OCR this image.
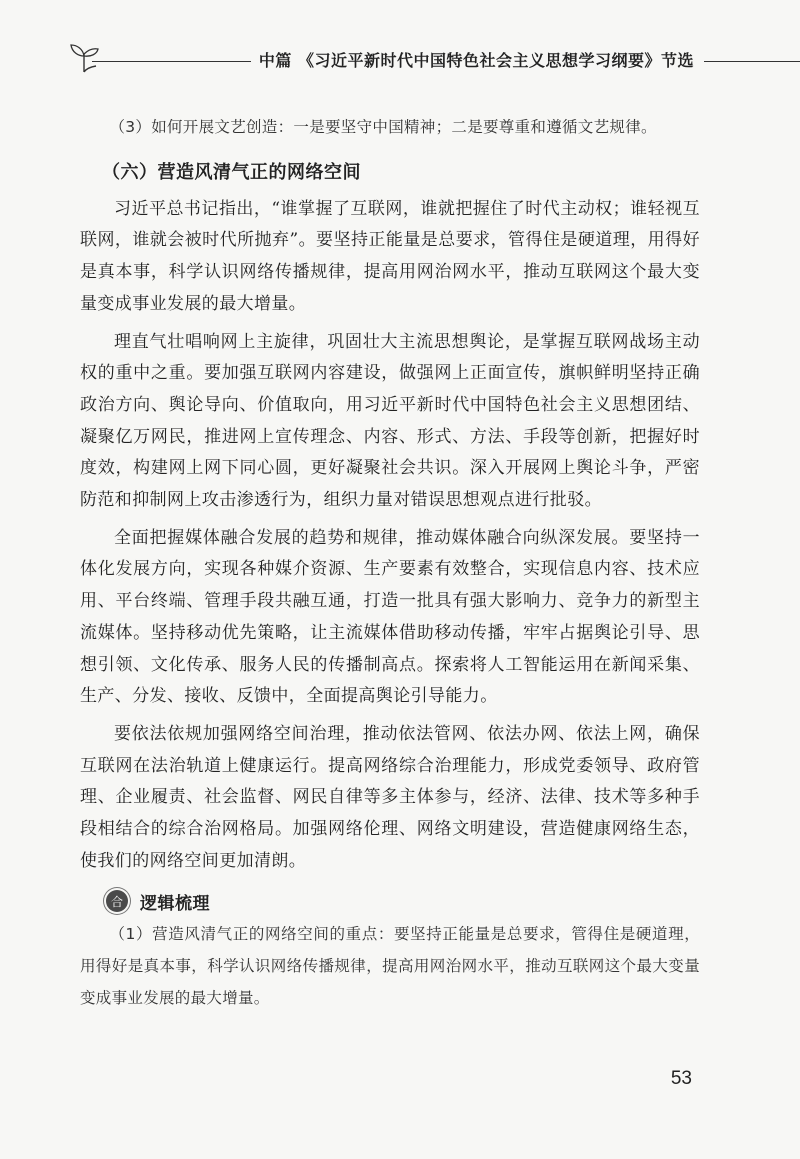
中篇 《习近平新时代中国特色社会主义思想学习纲要》节选

（3）如何开展文艺创造：一是要坚守中国精神；二是要尊重和遵循文艺规律。

（六）营造风清气正的网络空间

习近平总书记指出，“谁掌握了互联网，谁就把握住了时代主动权；谁轻视互联网，谁就会被时代所抛弃”。要坚持正能量是总要求，管得住是硬道理，用得好是真本事，科学认识网络传播规律，提高用网治网水平，推动互联网这个最大变量变成事业发展的最大增量。

理直气壮唱响网上主旋律，巩固壮大主流思想舆论，是掌握互联网战场主动权的重中之重。要加强互联网内容建设，做强网上正面宣传，旗帜鲜明坚持正确政治方向、舆论导向、价值取向，用习近平新时代中国特色社会主义思想团结、凝聚亿万网民，推进网上宣传理念、内容、形式、方法、手段等创新，把握好时度效，构建网上网下同心圆，更好凝聚社会共识。深入开展网上舆论斗争，严密防范和抑制网上攻击渗透行为，组织力量对错误思想观点进行批驳。

全面把握媒体融合发展的趋势和规律，推动媒体融合向纵深发展。要坚持一体化发展方向，实现各种媒介资源、生产要素有效整合，实现信息内容、技术应用、平台终端、管理手段共融互通，打造一批具有强大影响力、竞争力的新型主流媒体。坚持移动优先策略，让主流媒体借助移动传播，牢牢占据舆论引导、思想引领、文化传承、服务人民的传播制高点。探索将人工智能运用在新闻采集、生产、分发、接收、反馈中，全面提高舆论引导能力。

要依法依规加强网络空间治理，推动依法管网、依法办网、依法上网，确保互联网在法治轨道上健康运行。提高网络综合治理能力，形成党委领导、政府管理、企业履责、社会监督、网民自律等多主体参与，经济、法律、技术等多种手段相结合的综合治网格局。加强网络伦理、网络文明建设，营造健康网络生态，使我们的网络空间更加清朗。

合 逻辑梳理

（1）营造风清气正的网络空间的重点：要坚持正能量是总要求，管得住是硬道理，用得好是真本事，科学认识网络传播规律，提高用网治网水平，推动互联网这个最大变量变成事业发展的最大增量。

53
